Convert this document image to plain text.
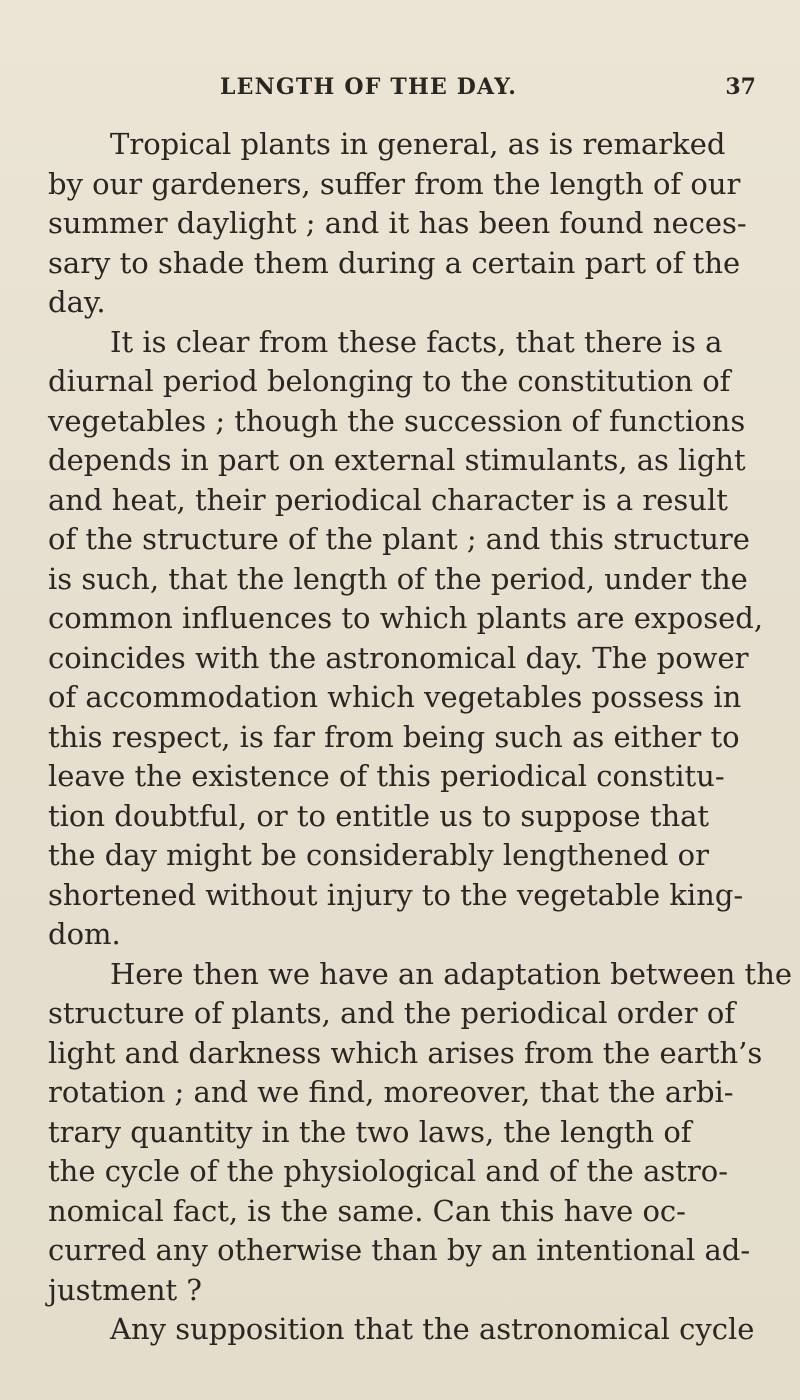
LENGTH OF THE DAY.	37

Tropical plants in general, as is remarked
by our gardeners, suffer from the length of our
summer daylight ; and it has been found neces-
sary to shade them during a certain part of the
day.

It is clear from these facts, that there is a
diurnal period belonging to the constitution of
vegetables ; though the succession of functions
depends in part on external stimulants, as light
and heat, their periodical character is a result
of the structure of the plant ; and this structure
is such, that the length of the period, under the
common influences to which plants are exposed,
coincides with the astronomical day. The power
of accommodation which vegetables possess in
this respect, is far from being such as either to
leave the existence of this periodical constitu-
tion doubtful, or to entitle us to suppose that
the day might be considerably lengthened or
shortened without injury to the vegetable king-
dom.

Here then we have an adaptation between the
structure of plants, and the periodical order of
light and darkness which arises from the earth’s
rotation ; and we find, moreover, that the arbi-
trary quantity in the two laws, the length of
the cycle of the physiological and of the astro-
nomical fact, is the same. Can this have oc-
curred any otherwise than by an intentional ad-
justment ?

Any supposition that the astronomical cycle
